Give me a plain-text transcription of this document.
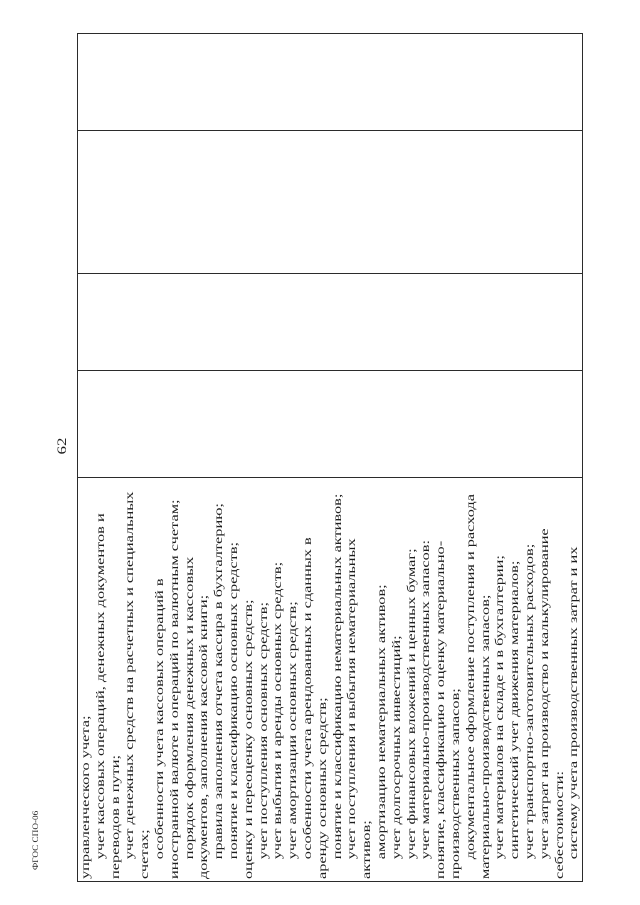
ФГОС СПО-06
62
управленческого учета; учет кассовых операций, денежных документов и переводов в пути; учет денежных средств на расчетных и специальных счетах; особенности учета кассовых операций в иностранной валюте и операций по валютным счетам; порядок оформления денежных и кассовых документов, заполнения кассовой книги; правила заполнения отчета кассира в бухгалтерию; понятие и классификацию основных средств; оценку и переоценку основных средств; учет поступления основных средств; учет выбытия и аренды основных средств; учет амортизации основных средств; особенности учета арендованных и сданных в аренду основных средств; понятие и классификацию нематериальных активов; учет поступления и выбытия нематериальных активов; амортизацию нематериальных активов; учет долгосрочных инвестиций; учет финансовых вложений и ценных бумаг; учет материально-производственных запасов: понятие, классификацию и оценку материально- производственных запасов; документальное оформление поступления и расхода материально-производственных запасов; учет материалов на складе и в бухгалтерии; синтетический учет движения материалов; учет транспортно-заготовительных расходов; учет затрат на производство и калькулирование себестоимости: систему учета производственных затрат и их
